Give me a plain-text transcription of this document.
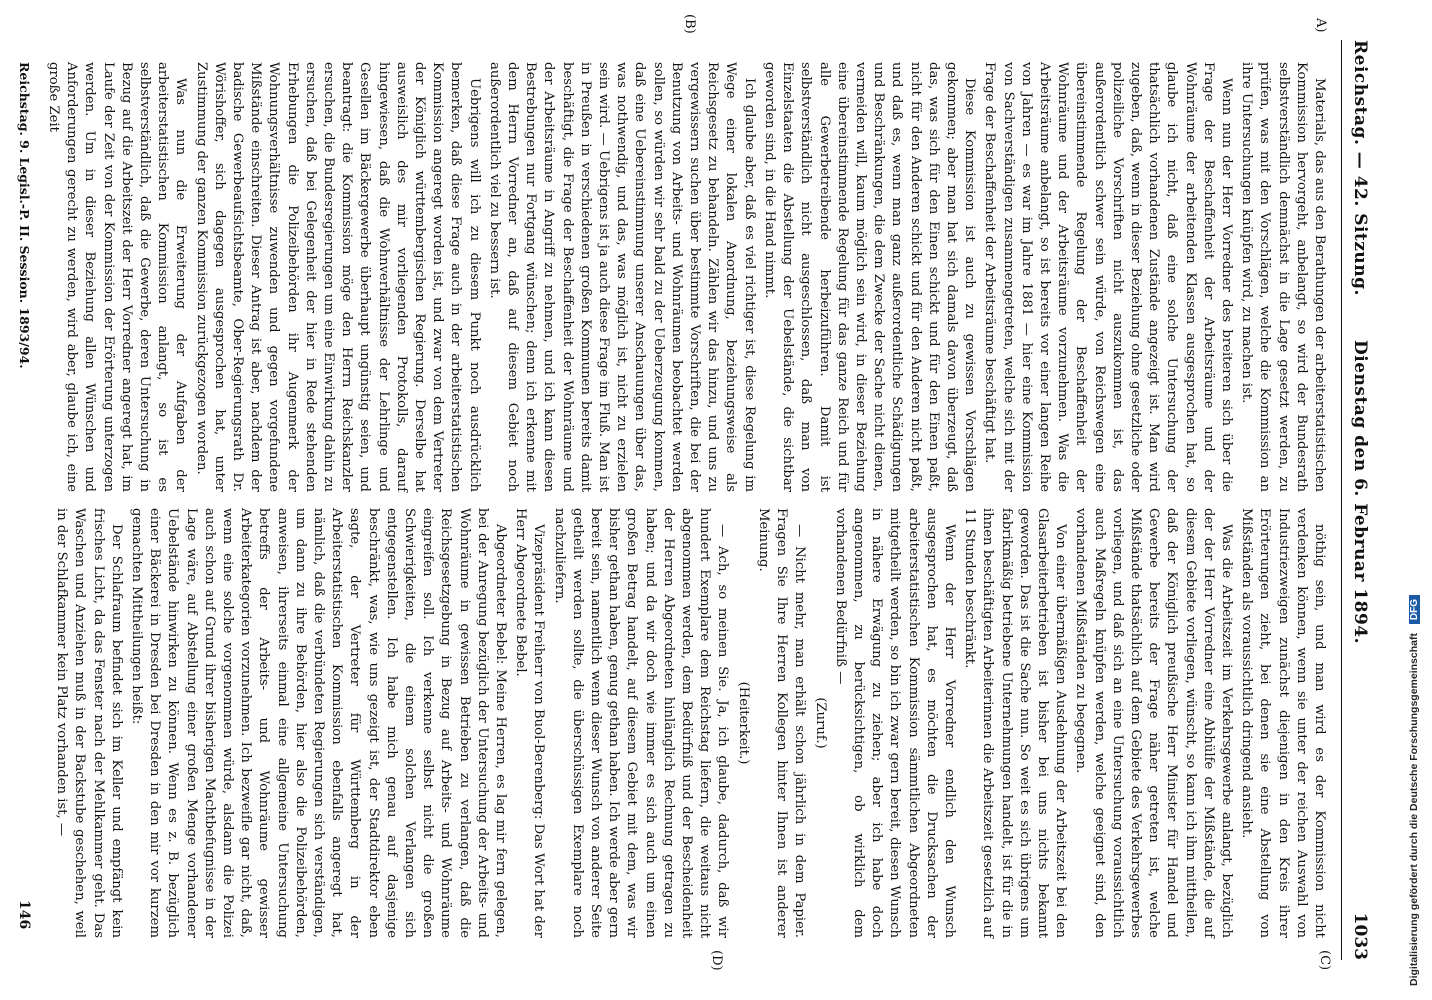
Reichstag. — 42. Sitzung.
Dienstag den 6. Februar 1894.
1033
A)
(B)
(C)
(D)

Materials, das aus den Berathungen der arbeiterstatistischen Kommission hervorgeht, anbelangt, so wird der Bundesrath selbstverständlich demnächst in die Lage gesetzt werden, zu prüfen, was mit den Vorschlägen, welche die Kommission an ihre Untersuchungen knüpfen wird, zu machen ist.

Wenn nun der Herr Vorredner des breiteren sich über die Frage der Beschaffenheit der Arbeitsräume und der Wohnräume der arbeitenden Klassen ausgesprochen hat, so glaube ich nicht, daß eine solche Untersuchung der thatsächlich vorhandenen Zustände angezeigt ist. Man wird zugeben, daß, wenn in dieser Beziehung ohne gesetzliche oder polizeiliche Vorschriften nicht auszukommen ist, das außerordentlich schwer sein würde, von Reichswegen eine übereinstimmende Regelung der Beschaffenheit der Wohnräume und der Arbeitsräume vorzunehmen. Was die Arbeitsräume anbelangt, so ist bereits vor einer langen Reihe von Jahren — es war im Jahre 1881 — hier eine Kommission von Sachverständigen zusammengetreten, welche sich mit der Frage der Beschaffenheit der Arbeitsräume beschäftigt hat.

Diese Kommission ist auch zu gewissen Vorschlägen gekommen; aber man hat sich damals davon überzeugt, daß das, was sich für den Einen schickt und für den Einen paßt, nicht für den Anderen schickt und für den Anderen nicht paßt, und daß es, wenn man ganz außerordentliche Schädigungen und Beschränkungen, die dem Zwecke der Sache nicht dienen, vermeiden will, kaum möglich sein wird, in dieser Beziehung eine übereinstimmende Regelung für das ganze Reich und für alle Gewerbetreibende herbeizuführen. Damit ist selbstverständlich nicht ausgeschlossen, daß man von Einzelstaaten die Abstellung der Uebelstände, die sichtbar geworden sind, in die Hand nimmt.

Ich glaube aber, daß es viel richtiger ist, diese Regelung im Wege einer lokalen Anordnung, beziehungsweise als Reichsgesetz zu behandeln. Zählen wir das hinzu, und uns zu vergewissern suchen über bestimmte Vorschriften, die bei der Benutzung von Arbeits- und Wohnräumen beobachtet werden sollen, so würden wir sehr bald zu der Ueberzeugung kommen, daß eine Uebereinstimmung unserer Anschauungen über das, was nothwendig, und das, was möglich ist, nicht zu erzielen sein wird. — Uebrigens ist ja auch diese Frage im Fluß. Man ist in Preußen in verschiedenen großen Kommunen bereits damit beschäftigt, die Frage der Beschaffenheit der Wohnräume und der Arbeitsräume in Angriff zu nehmen, und ich kann diesen Bestrebungen nur Fortgang wünschen; denn ich erkenne mit dem Herrn Vorredner an, daß auf diesem Gebiet noch außerordentlich viel zu bessern ist.

Uebrigens will ich zu diesem Punkt noch ausdrücklich bemerken, daß diese Frage auch in der arbeiterstatistischen Kommission angeregt worden ist, und zwar von dem Vertreter der Königlich württembergischen Regierung. Derselbe hat ausweislich des mir vorliegenden Protokolls, darauf hingewiesen, daß die Wohnverhältnisse der Lehrlinge und Gesellen im Bäckergewerbe überhaupt ungünstig seien, und beantragt: die Kommission möge den Herrn Reichskanzler ersuchen, die Bundesregierungen um eine Einwirkung dahin zu ersuchen, daß bei Gelegenheit der hier in Rede stehenden Erhebungen die Polizeibehörden ihr Augenmerk der Wohnungsverhältnisse zuwenden und gegen vorgefundene Mißstände einschreiten. Dieser Antrag ist aber, nachdem der badische Gewerbeaufsichtsbeamte, Ober-Regierungsrath Dr. Wörishoffer, sich dagegen ausgesprochen hat, unter Zustimmung der ganzen Kommission zurückgezogen worden.

Was nun die Erweiterung der Aufgaben der arbeiterstatistischen Kommission anlangt, so ist es selbstverständlich, daß die Gewerbe, deren Untersuchung in Bezug auf die Arbeitszeit der Herr Vorredner angeregt hat, im Laufe der Zeit von der Kommission der Erörterung unterzogen werden. Um in dieser Beziehung allen Wünschen und Anforderungen gerecht zu werden, wird aber, glaube ich, eine große Zeit

nöthig sein, und man wird es der Kommission nicht verdenken können, wenn sie unter der reichen Auswahl von Industriezweigen zunächst diejenigen in den Kreis ihrer Erörterungen zieht, bei denen sie eine Abstellung von Mißständen als voraussichtlich dringend ansieht.

Was die Arbeitszeit im Verkehrsgewerbe anlangt, bezüglich der der Herr Vorredner eine Abhülfe der Mißstände, die auf diesem Gebiete vorliegen, wünscht, so kann ich ihm mittheilen, daß der Königlich preußische Herr Minister für Handel und Gewerbe bereits der Frage näher getreten ist, welche Mißstände thatsächlich auf dem Gebiete des Verkehrsgewerbes vorliegen, und daß sich an eine Untersuchung voraussichtlich auch Maßregeln knüpfen werden, welche geeignet sind, den vorhandenen Mißständen zu begegnen.

Von einer übermäßigen Ausdehnung der Arbeitszeit bei den Glasarbeiterbetrieben ist bisher bei uns nichts bekannt geworden. Das ist die Sache nun. So weit es sich übrigens um fabrikmäßig betriebene Unternehmungen handelt, ist für die in ihnen beschäftigten Arbeiterinnen die Arbeitszeit gesetzlich auf 11 Stunden beschränkt.

Wenn der Herr Vorredner endlich den Wunsch ausgesprochen hat, es möchten die Drucksachen der arbeiterstatistischen Kommission sämmtlichen Abgeordneten mitgetheilt werden, so bin ich zwar gern bereit, diesen Wunsch in nähere Erwägung zu ziehen; aber ich habe doch angenommen, zu berücksichtigen, ob wirklich dem vorhandenen Bedürfniß —

(Zuruf.)

— Nicht mehr, man erhält schon jährlich in dem Papier. Fragen Sie Ihre Herren Kollegen hinter Ihnen ist anderer Meinung.

(Heiterkeit.)

— Ach, so meinen Sie. Ja, ich glaube, dadurch, daß wir hundert Exemplare dem Reichstag liefern, die weitaus nicht abgenommen werden, dem Bedürfniß und der Bescheidenheit der Herren Abgeordneten hinlänglich Rechnung getragen zu haben; und da wir doch wie immer es sich auch um einen großen Betrag handelt, auf diesem Gebiet mit dem, was wir bisher gethan haben, genug gethan haben. Ich werde aber gern bereit sein, namentlich wenn dieser Wunsch von anderer Seite getheilt werden sollte, die überschüssigen Exemplare noch nachzuliefern.

Vizepräsident Freiherr von Buol-Berenberg: Das Wort hat der Herr Abgeordnete Bebel.

Abgeordneter Bebel: Meine Herren, es lag mir fern gelegen, bei der Anregung bezüglich der Untersuchung der Arbeits- und Wohnräume in gewissen Betrieben zu verlangen, daß die Reichsgesetzgebung in Bezug auf Arbeits- und Wohnräume eingreifen soll. Ich verkenne selbst nicht die großen Schwierigkeiten, die einem solchen Verlangen sich entgegenstellen. Ich habe mich genau auf dasjenige beschränkt, was, wie uns gezeigt ist, der Stadtdirektor eben sagte, der Vertreter für Württemberg in der Arbeiterstatistischen Kommission ebenfalls angeregt hat, nämlich, daß die verbündeten Regierungen sich verständigen, um dann zu ihre Behörden, hier also die Polizeibehörden, anweisen, ihrerseits einmal eine allgemeine Untersuchung betreffs der Arbeits- und Wohnräume gewisser Arbeiterkategorien vorzunehmen. Ich bezweifle gar nicht, daß, wenn eine solche vorgenommen würde, alsdann die Polizei auch schon auf Grund ihrer bisherigen Machtbefugnisse in der Lage wäre, auf Abstellung einer großen Menge vorhandener Uebelstände hinwirken zu können. Wenn es z. B. bezüglich einer Bäckerei in Dresden bei Dresden in den mir vor kurzem gemachten Mittheilungen heißt:

Der Schlafraum befindet sich im Keller und empfängt kein frisches Licht, da das Fenster nach der Mehlkammer geht. Das Waschen und Anziehen muß in der Backstube geschehen, weil in der Schlafkammer kein Platz vorhanden ist, —

Reichstag. 9. Legisl.-P. II. Session. 1893/94.
146	Digitalisierung gefördert durch die Deutsche Forschungsgemeinschaft DFG
